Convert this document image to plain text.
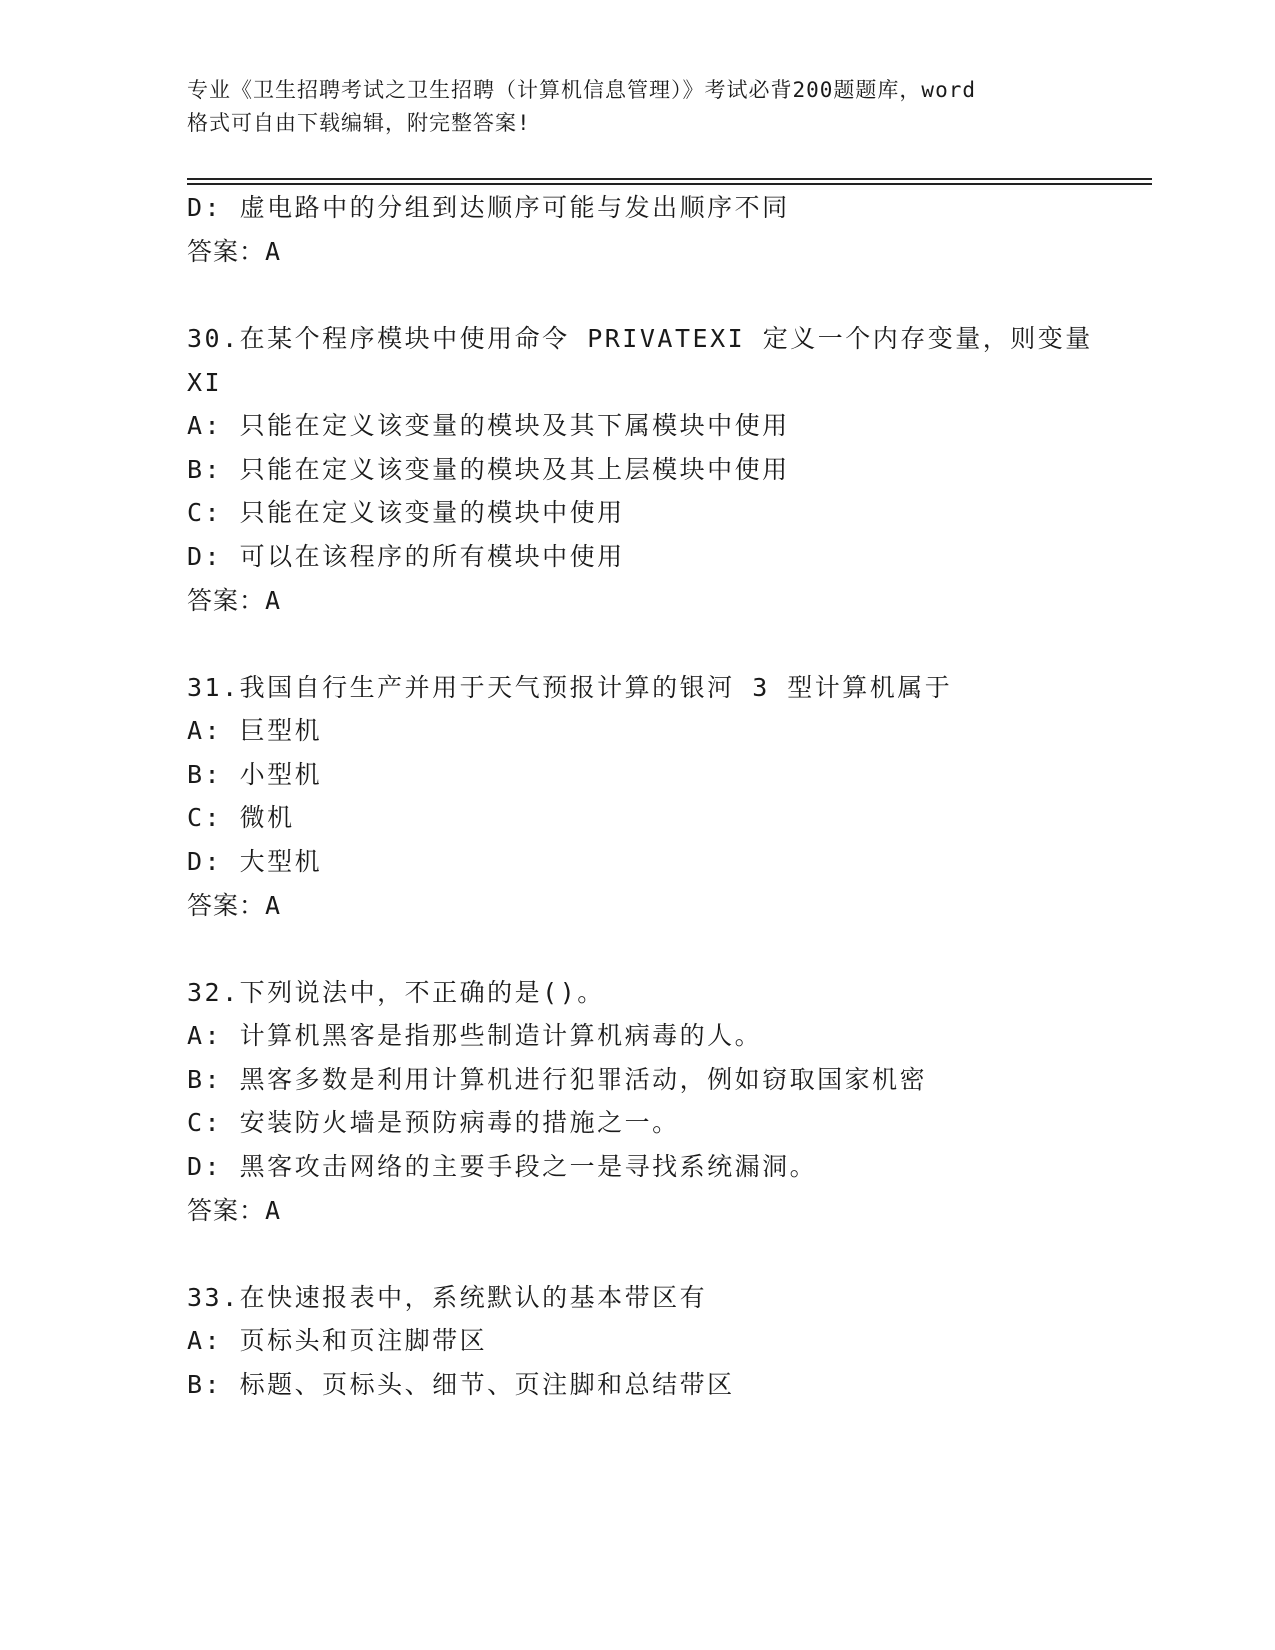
专业《卫生招聘考试之卫生招聘（计算机信息管理）》考试必背200题题库，word
格式可自由下载编辑，附完整答案!
D: 虚电路中的分组到达顺序可能与发出顺序不同
答案：A
30.在某个程序模块中使用命令 PRIVATEXI 定义一个内存变量，则变量
XI
A: 只能在定义该变量的模块及其下属模块中使用
B: 只能在定义该变量的模块及其上层模块中使用
C: 只能在定义该变量的模块中使用
D: 可以在该程序的所有模块中使用
答案：A
31.我国自行生产并用于天气预报计算的银河 3 型计算机属于
A: 巨型机
B: 小型机
C: 微机
D: 大型机
答案：A
32.下列说法中，不正确的是()。
A: 计算机黑客是指那些制造计算机病毒的人。
B: 黑客多数是利用计算机进行犯罪活动，例如窃取国家机密
C: 安装防火墙是预防病毒的措施之一。
D: 黑客攻击网络的主要手段之一是寻找系统漏洞。
答案：A
33.在快速报表中，系统默认的基本带区有
A: 页标头和页注脚带区
B: 标题、页标头、细节、页注脚和总结带区
